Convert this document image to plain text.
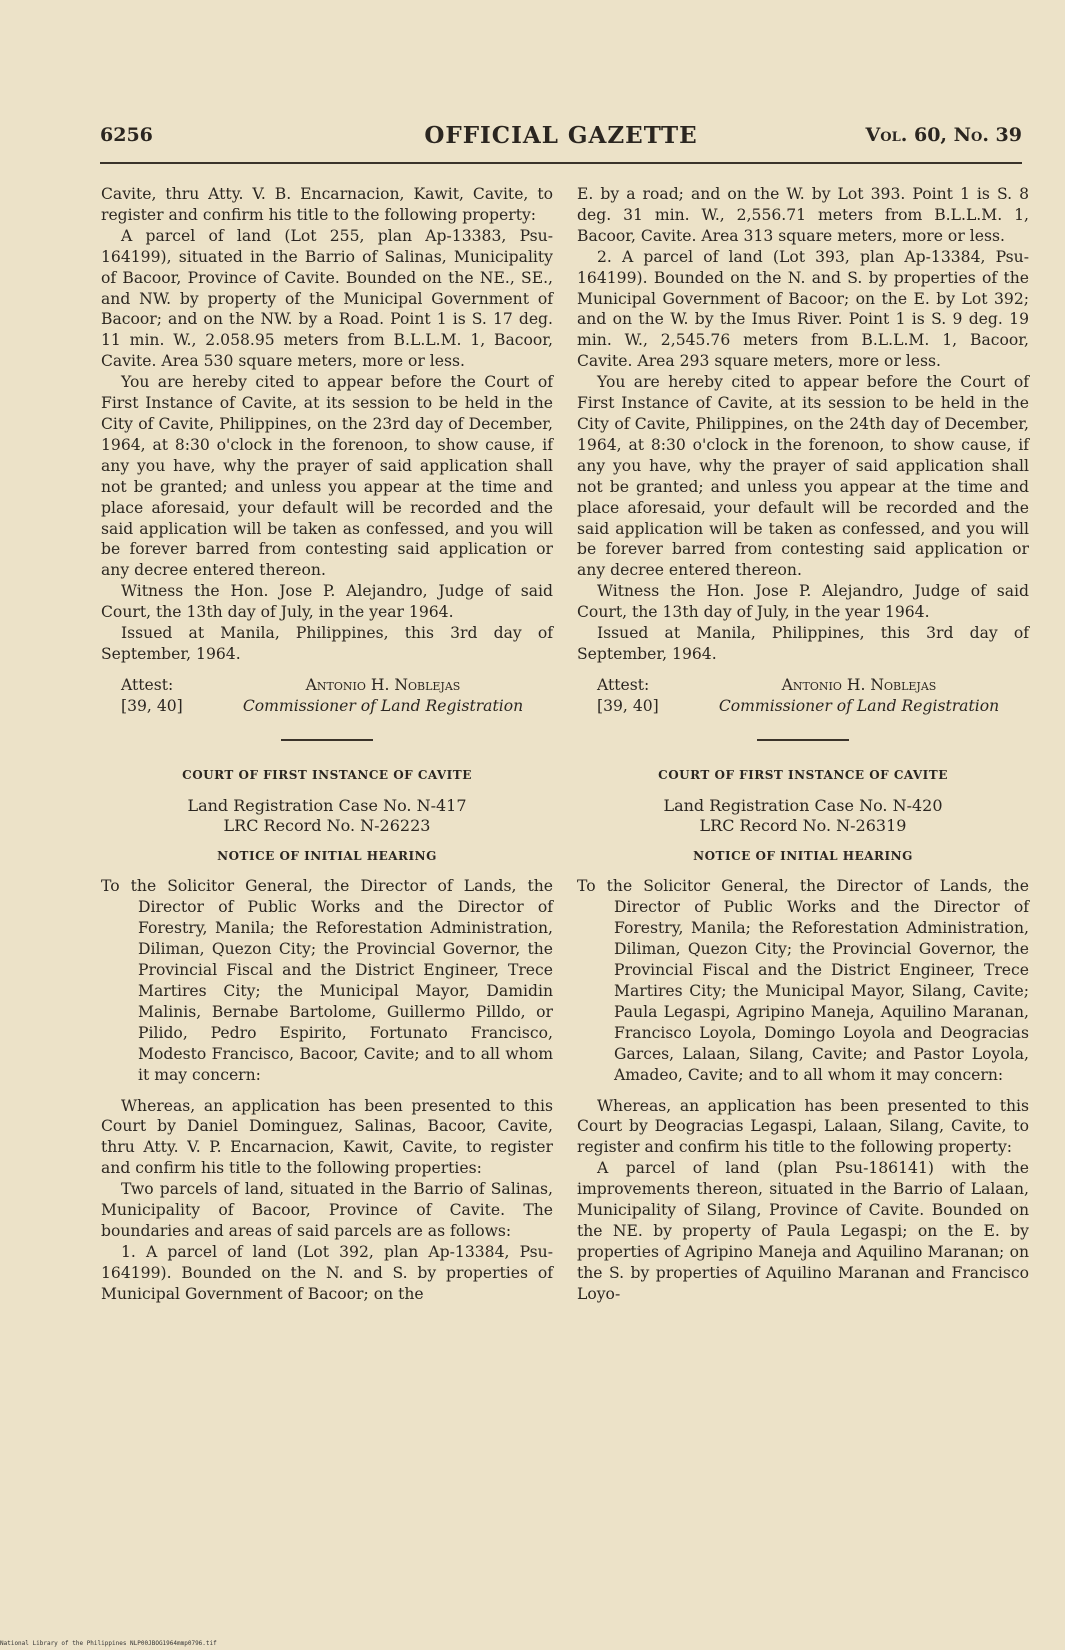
6256	OFFICIAL GAZETTE	Vol. 60, No. 39

Cavite, thru Atty. V. B. Encarnacion, Kawit, Cavite, to register and confirm his title to the following property:

A parcel of land (Lot 255, plan Ap-13383, Psu-164199), situated in the Barrio of Salinas, Municipality of Bacoor, Province of Cavite. Bounded on the NE., SE., and NW. by property of the Municipal Government of Bacoor; and on the NW. by a Road. Point 1 is S. 17 deg. 11 min. W., 2.058.95 meters from B.L.L.M. 1, Bacoor, Cavite. Area 530 square meters, more or less.

You are hereby cited to appear before the Court of First Instance of Cavite, at its session to be held in the City of Cavite, Philippines, on the 23rd day of December, 1964, at 8:30 o'clock in the forenoon, to show cause, if any you have, why the prayer of said application shall not be granted; and unless you appear at the time and place aforesaid, your default will be recorded and the said application will be taken as confessed, and you will be forever barred from contesting said application or any decree entered thereon.

Witness the Hon. Jose P. Alejandro, Judge of said Court, the 13th day of July, in the year 1964.

Issued at Manila, Philippines, this 3rd day of September, 1964.

Attest:
[39, 40]
Antonio H. Noblejas
Commissioner of Land Registration
COURT OF FIRST INSTANCE OF CAVITE
Land Registration Case No. N-417
LRC Record No. N-26223
NOTICE OF INITIAL HEARING

To the Solicitor General, the Director of Lands, the Director of Public Works and the Director of Forestry, Manila; the Reforestation Administration, Diliman, Quezon City; the Provincial Governor, the Provincial Fiscal and the District Engineer, Trece Martires City; the Municipal Mayor, Damidin Malinis, Bernabe Bartolome, Guillermo Pilldo, or Pilido, Pedro Espirito, Fortunato Francisco, Modesto Francisco, Bacoor, Cavite; and to all whom it may concern:

Whereas, an application has been presented to this Court by Daniel Dominguez, Salinas, Bacoor, Cavite, thru Atty. V. P. Encarnacion, Kawit, Cavite, to register and confirm his title to the following properties:

Two parcels of land, situated in the Barrio of Salinas, Municipality of Bacoor, Province of Cavite. The boundaries and areas of said parcels are as follows:

1. A parcel of land (Lot 392, plan Ap-13384, Psu-164199). Bounded on the N. and S. by properties of Municipal Government of Bacoor; on the

E. by a road; and on the W. by Lot 393. Point 1 is S. 8 deg. 31 min. W., 2,556.71 meters from B.L.L.M. 1, Bacoor, Cavite. Area 313 square meters, more or less.

2. A parcel of land (Lot 393, plan Ap-13384, Psu-164199). Bounded on the N. and S. by properties of the Municipal Government of Bacoor; on the E. by Lot 392; and on the W. by the Imus River. Point 1 is S. 9 deg. 19 min. W., 2,545.76 meters from B.L.L.M. 1, Bacoor, Cavite. Area 293 square meters, more or less.

You are hereby cited to appear before the Court of First Instance of Cavite, at its session to be held in the City of Cavite, Philippines, on the 24th day of December, 1964, at 8:30 o'clock in the forenoon, to show cause, if any you have, why the prayer of said application shall not be granted; and unless you appear at the time and place aforesaid, your default will be recorded and the said application will be taken as confessed, and you will be forever barred from contesting said application or any decree entered thereon.

Witness the Hon. Jose P. Alejandro, Judge of said Court, the 13th day of July, in the year 1964.

Issued at Manila, Philippines, this 3rd day of September, 1964.

Attest:
[39, 40]
Antonio H. Noblejas
Commissioner of Land Registration
COURT OF FIRST INSTANCE OF CAVITE
Land Registration Case No. N-420
LRC Record No. N-26319
NOTICE OF INITIAL HEARING

To the Solicitor General, the Director of Lands, the Director of Public Works and the Director of Forestry, Manila; the Reforestation Administration, Diliman, Quezon City; the Provincial Governor, the Provincial Fiscal and the District Engineer, Trece Martires City; the Municipal Mayor, Silang, Cavite; Paula Legaspi, Agripino Maneja, Aquilino Maranan, Francisco Loyola, Domingo Loyola and Deogracias Garces, Lalaan, Silang, Cavite; and Pastor Loyola, Amadeo, Cavite; and to all whom it may concern:

Whereas, an application has been presented to this Court by Deogracias Legaspi, Lalaan, Silang, Cavite, to register and confirm his title to the following property:

A parcel of land (plan Psu-186141) with the improvements thereon, situated in the Barrio of Lalaan, Municipality of Silang, Province of Cavite. Bounded on the NE. by property of Paula Legaspi; on the E. by properties of Agripino Maneja and Aquilino Maranan; on the S. by properties of Aquilino Maranan and Francisco Loyo-

National Library of the Philippines NLP00JBOG1964mmp0796.tif
